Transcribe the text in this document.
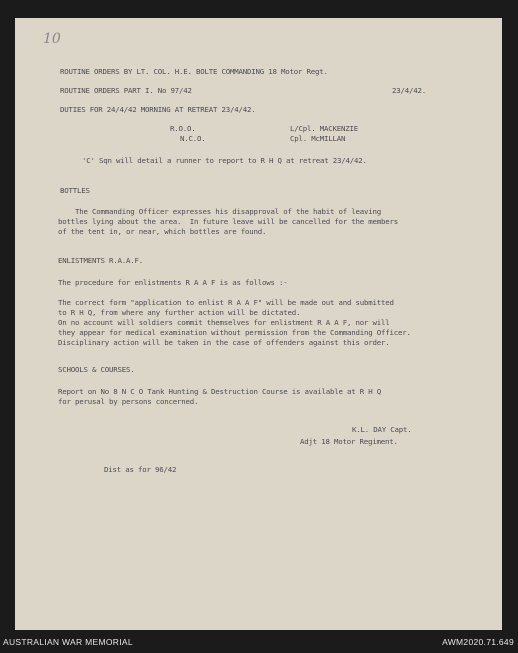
10
ROUTINE ORDERS BY LT. COL. H.E. BOLTE COMMANDING 18 Motor Regt.
ROUTINE ORDERS PART I. No 97/42	23/4/42.
DUTIES FOR 24/4/42 MORNING AT RETREAT 23/4/42.
R.O.O.
N.C.O.
L/Cpl. MACKENZIE
Cpl. McMILLAN
'C' Sqn will detail a runner to report to R H Q at retreat 23/4/42.
BOTTLES
The Commanding Officer expresses his disapproval of the habit of leaving
bottles lying about the area.  In future leave will be cancelled for the members
of the tent in, or near, which bottles are found.
ENLISTMENTS R.A.A.F.
The procedure for enlistments R A A F is as follows :-
The correct form "application to enlist R A A F" will be made out and submitted
to R H Q, from where any further action will be dictated.
On no account will soldiers commit themselves for enlistment R A A F, nor will
they appear for medical examination without permission from the Commanding Officer.
Disciplinary action will be taken in the case of offenders against this order.
SCHOOLS & COURSES.
Report on No 8 N C O Tank Hunting & Destruction Course is available at R H Q
for perusal by persons concerned.
K.L. DAY Capt.
Adjt 18 Motor Regiment.
Dist as for 96/42
AUSTRALIAN WAR MEMORIAL	AWM2020.71.649
